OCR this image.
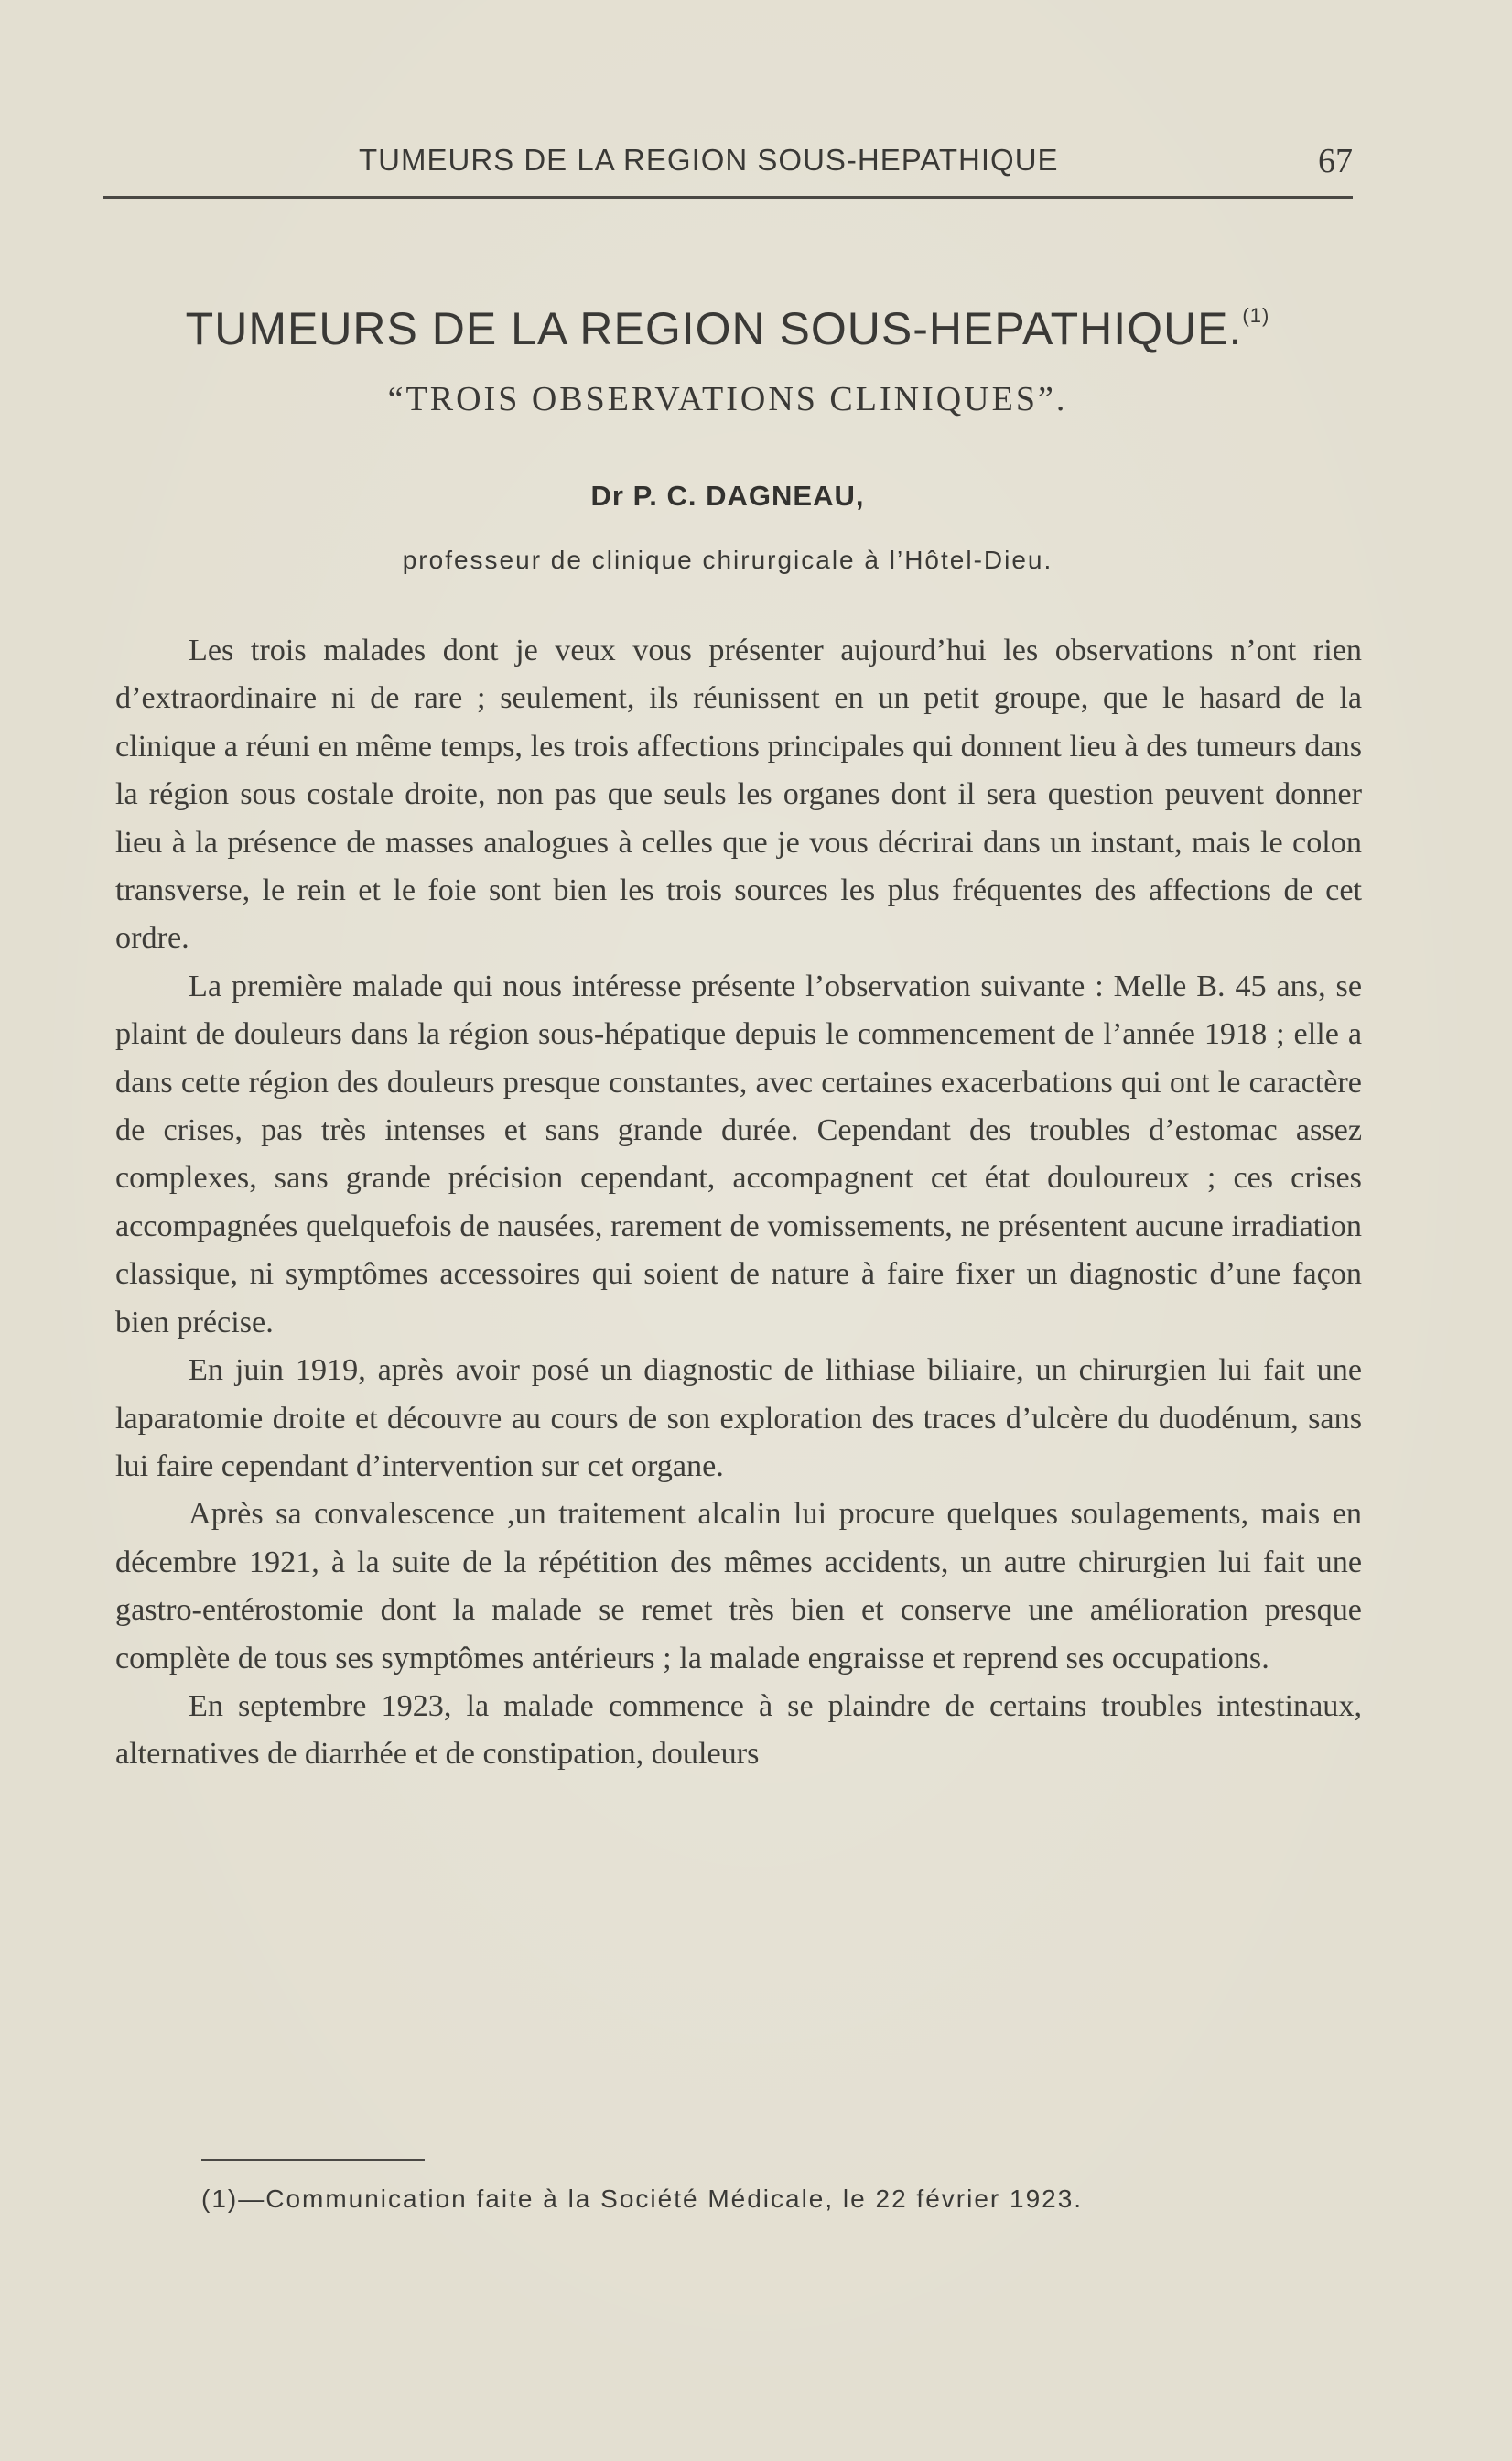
TUMEURS DE LA REGION SOUS-HEPATHIQUE	67
TUMEURS DE LA REGION SOUS-HEPATHIQUE.$^{(1)}$
“TROIS OBSERVATIONS CLINIQUES”.
Dr P. C. DAGNEAU,
professeur de clinique chirurgicale à l’Hôtel-Dieu.

Les trois malades dont je veux vous présenter aujourd’hui les observations n’ont rien d’extraordinaire ni de rare ; seulement, ils réunissent en un petit groupe, que le hasard de la clinique a réuni en même temps, les trois affections principales qui donnent lieu à des tumeurs dans la région sous costale droite, non pas que seuls les organes dont il sera question peuvent donner lieu à la présence de masses analogues à celles que je vous décrirai dans un instant, mais le colon transverse, le rein et le foie sont bien les trois sources les plus fréquentes des affections de cet ordre.

La première malade qui nous intéresse présente l’observation suivante : Melle B. 45 ans, se plaint de douleurs dans la région sous-hépatique depuis le commencement de l’année 1918 ; elle a dans cette région des douleurs presque constantes, avec certaines exacerbations qui ont le caractère de crises, pas très intenses et sans grande durée. Cependant des troubles d’estomac assez complexes, sans grande précision cependant, accompagnent cet état douloureux ; ces crises accompagnées quelquefois de nausées, rarement de vomissements, ne présentent aucune irradiation classique, ni symptômes accessoires qui soient de nature à faire fixer un diagnostic d’une façon bien précise.

En juin 1919, après avoir posé un diagnostic de lithiase biliaire, un chirurgien lui fait une laparatomie droite et découvre au cours de son exploration des traces d’ulcère du duodénum, sans lui faire cependant d’intervention sur cet organe.

Après sa convalescence ,un traitement alcalin lui procure quelques soulagements, mais en décembre 1921, à la suite de la répétition des mêmes accidents, un autre chirurgien lui fait une gastro-entérostomie dont la malade se remet très bien et conserve une amélioration presque complète de tous ses symptômes antérieurs ; la malade engraisse et reprend ses occupations.

En septembre 1923, la malade commence à se plaindre de certains troubles intestinaux, alternatives de diarrhée et de constipation, douleurs

(1)—Communication faite à la Société Médicale, le 22 février 1923.
